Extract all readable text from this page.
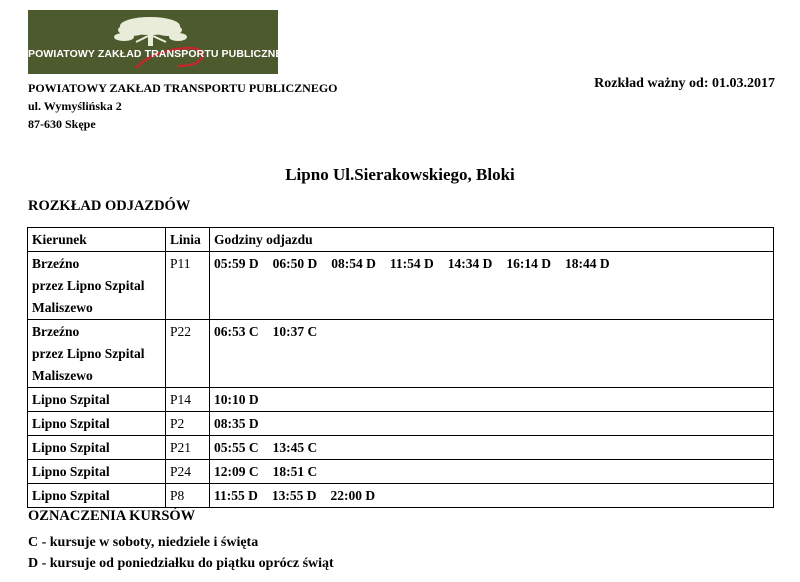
POWIATOWY ZAKŁAD TRANSPORTU PUBLICZNEGO
POWIATOWY ZAKŁAD TRANSPORTU PUBLICZNEGO
ul. Wymyślińska 2
87-630 Skępe
Rozkład ważny od: 01.03.2017
Lipno Ul.Sierakowskiego, Bloki
ROZKŁAD ODJAZDÓW
Kierunek	Linia	Godziny odjazdu

Brzeźno
przez Lipno Szpital
Maliszewo	P11	05:59 D 06:50 D 08:54 D 11:54 D 14:34 D 16:14 D 18:44 D

Brzeźno
przez Lipno Szpital
Maliszewo	P22	06:53 C 10:37 C

Lipno Szpital	P14	10:10 D

Lipno Szpital	P2	08:35 D

Lipno Szpital	P21	05:55 C 13:45 C

Lipno Szpital	P24	12:09 C 18:51 C

Lipno Szpital	P8	11:55 D 13:55 D 22:00 D
OZNACZENIA KURSÓW
C - kursuje w soboty, niedziele i święta
D - kursuje od poniedziałku do piątku oprócz świąt
